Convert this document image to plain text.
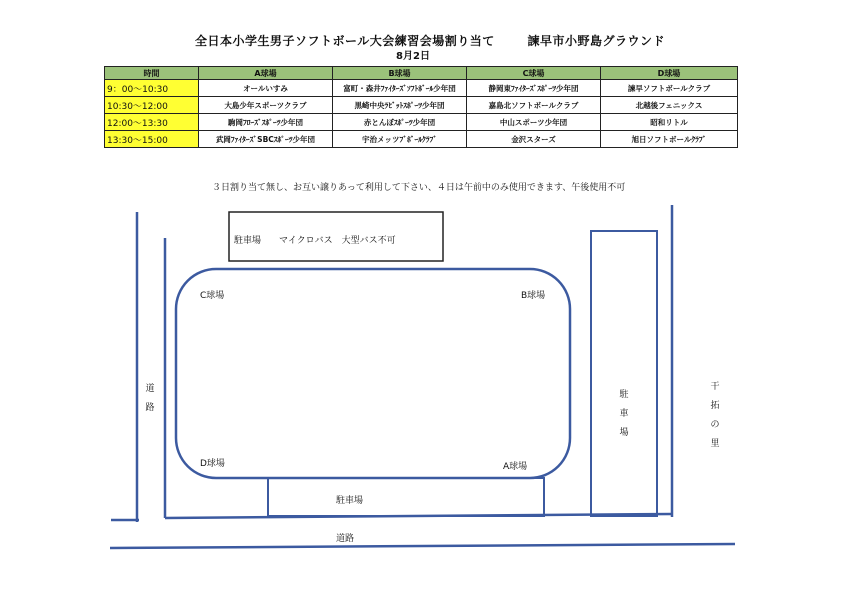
全日本小学生男子ソフトボール大会練習会場割り当て	諫早市小野島グラウンド
8月2日
時間	A球場	B球場	C球場	D球場
9：00～10:30	オールいすみ	富町・森井ﾌｧｲﾀｰｽﾞｿﾌﾄﾎﾞｰﾙ少年団	静岡東ﾌｧｲﾀｰｽﾞｽﾎﾟｰﾂ少年団	諫早ソフトボールクラブ
10:30～12:00	大島少年スポーツクラブ	黒崎中央ﾗﾋﾞｯﾄｽﾎﾟｰﾂ少年団	嘉島北ソフトボールクラブ	北越後フェニックス
12:00～13:30	駒岡ﾌﾛｰｽﾞｽﾎﾟｰﾂ少年団	赤とんぼｽﾎﾟｰﾂ少年団	中山スポーツ少年団	昭和リトル
13:30～15:00	武岡ﾌｧｲﾀｰｽﾞSBCｽﾎﾟｰﾂ少年団	宇治メッツﾌﾞﾎﾞｰﾙｸﾗﾌﾞ	金沢スターズ	旭日ソフトボールｸﾗﾌﾞ
３日割り当て無し、お互い譲りあって利用して下さい、４日は午前中のみ使用できます、午後使用不可
駐車場　　マイクロバス　大型バス不可
C球場	B球場
D球場	A球場
道路
駐車場
道路
駐車場
干拓の里
